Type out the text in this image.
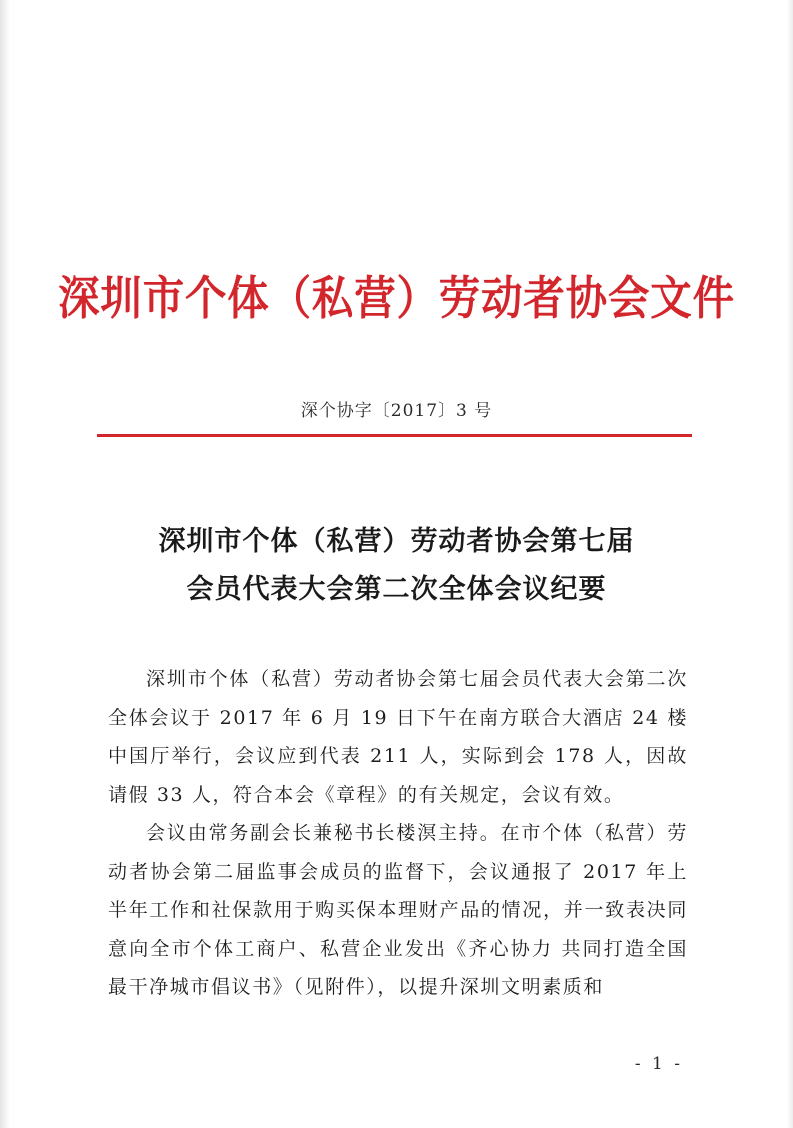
深圳市个体（私营）劳动者协会文件
深个协字〔2017〕3 号
深圳市个体（私营）劳动者协会第七届
会员代表大会第二次全体会议纪要

深圳市个体（私营）劳动者协会第七届会员代表大会第二次全体会议于 2017 年 6 月 19 日下午在南方联合大酒店 24 楼中国厅举行，会议应到代表 211 人，实际到会 178 人，因故请假 33 人，符合本会《章程》的有关规定，会议有效。

会议由常务副会长兼秘书长楼溟主持。在市个体（私营）劳动者协会第二届监事会成员的监督下，会议通报了 2017 年上半年工作和社保款用于购买保本理财产品的情况，并一致表决同意向全市个体工商户、私营企业发出《齐心协力 共同打造全国最干净城市倡议书》（见附件），以提升深圳文明素质和

- 1 -
